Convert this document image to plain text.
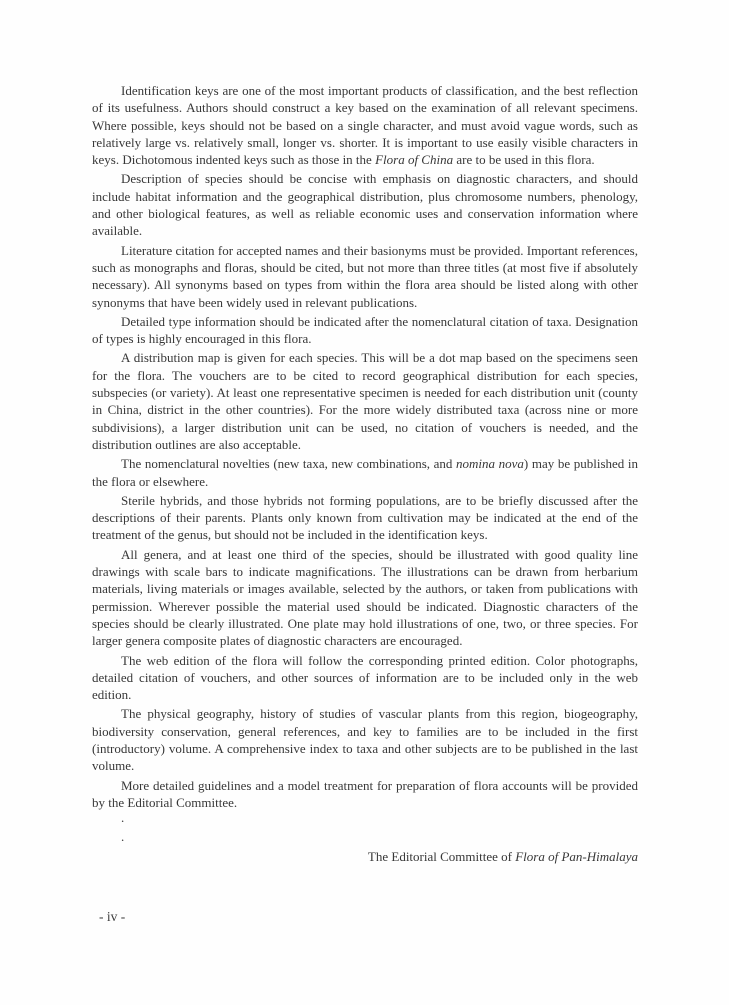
Identification keys are one of the most important products of classification, and the best reflection of its usefulness. Authors should construct a key based on the examination of all relevant specimens. Where possible, keys should not be based on a single character, and must avoid vague words, such as relatively large vs. relatively small, longer vs. shorter. It is important to use easily visible characters in keys. Dichotomous indented keys such as those in the Flora of China are to be used in this flora.

Description of species should be concise with emphasis on diagnostic characters, and should include habitat information and the geographical distribution, plus chromosome numbers, phenology, and other biological features, as well as reliable economic uses and conservation information where available.

Literature citation for accepted names and their basionyms must be provided. Important references, such as monographs and floras, should be cited, but not more than three titles (at most five if absolutely necessary). All synonyms based on types from within the flora area should be listed along with other synonyms that have been widely used in relevant publications.

Detailed type information should be indicated after the nomenclatural citation of taxa. Designation of types is highly encouraged in this flora.

A distribution map is given for each species. This will be a dot map based on the specimens seen for the flora. The vouchers are to be cited to record geographical distribution for each species, subspecies (or variety). At least one representative specimen is needed for each distribution unit (county in China, district in the other countries). For the more widely distributed taxa (across nine or more subdivisions), a larger distribution unit can be used, no citation of vouchers is needed, and the distribution outlines are also acceptable.

The nomenclatural novelties (new taxa, new combinations, and nomina nova) may be published in the flora or elsewhere.

Sterile hybrids, and those hybrids not forming populations, are to be briefly discussed after the descriptions of their parents. Plants only known from cultivation may be indicated at the end of the treatment of the genus, but should not be included in the identification keys.

All genera, and at least one third of the species, should be illustrated with good quality line drawings with scale bars to indicate magnifications. The illustrations can be drawn from herbarium materials, living materials or images available, selected by the authors, or taken from publications with permission. Wherever possible the material used should be indicated. Diagnostic characters of the species should be clearly illustrated. One plate may hold illustrations of one, two, or three species. For larger genera composite plates of diagnostic characters are encouraged.

The web edition of the flora will follow the corresponding printed edition. Color photographs, detailed citation of vouchers, and other sources of information are to be included only in the web edition.

The physical geography, history of studies of vascular plants from this region, biogeography, biodiversity conservation, general references, and key to families are to be included in the first (introductory) volume. A comprehensive index to taxa and other subjects are to be published in the last volume.

More detailed guidelines and a model treatment for preparation of flora accounts will be provided by the Editorial Committee.

.

.

The Editorial Committee of Flora of Pan-Himalaya

- iv -
